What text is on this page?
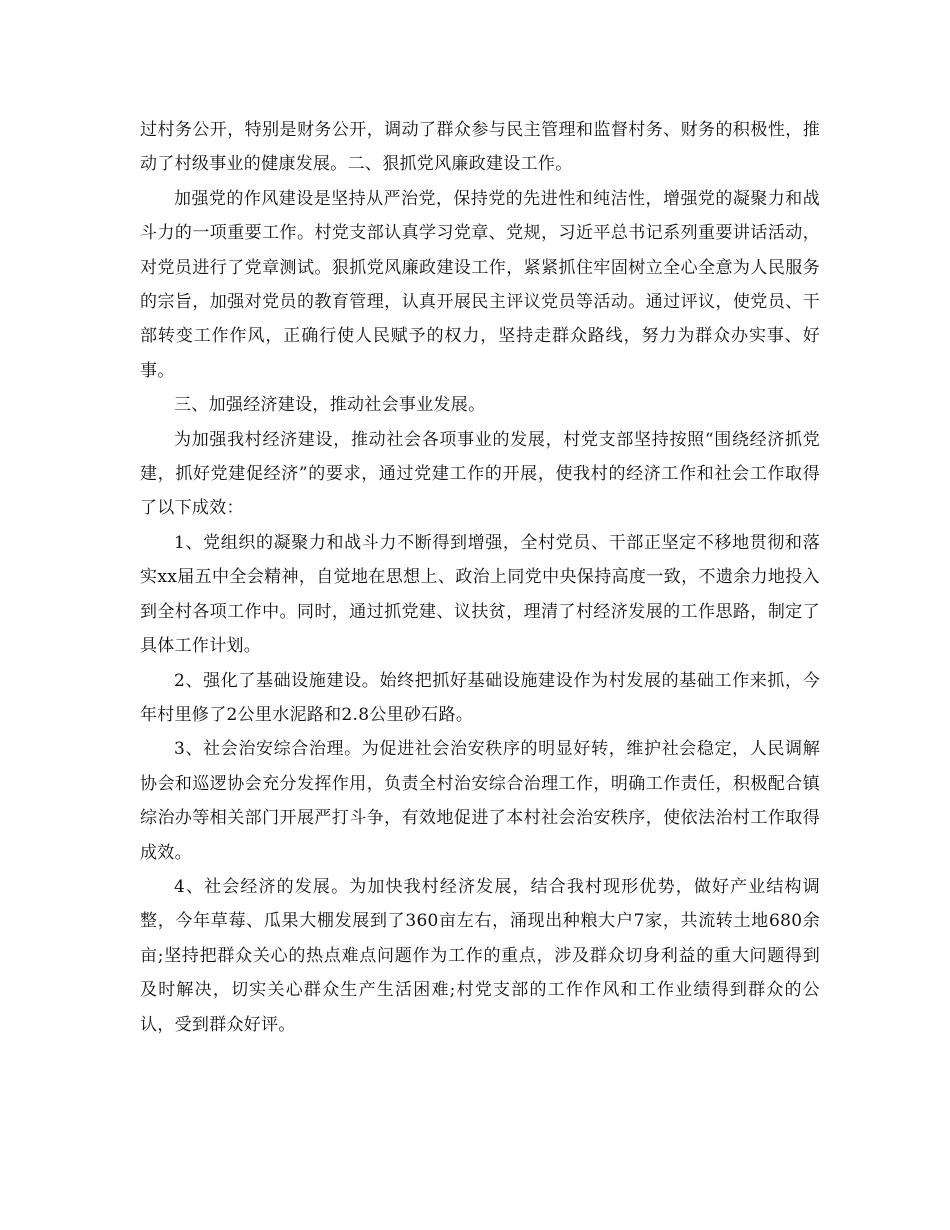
过村务公开，特别是财务公开，调动了群众参与民主管理和监督村务、财务的积极性，推动了村级事业的健康发展。二、狠抓党风廉政建设工作。

加强党的作风建设是坚持从严治党，保持党的先进性和纯洁性，增强党的凝聚力和战斗力的一项重要工作。村党支部认真学习党章、党规，习近平总书记系列重要讲话活动，对党员进行了党章测试。狠抓党风廉政建设工作，紧紧抓住牢固树立全心全意为人民服务的宗旨，加强对党员的教育管理，认真开展民主评议党员等活动。通过评议，使党员、干部转变工作作风，正确行使人民赋予的权力，坚持走群众路线，努力为群众办实事、好事。

三、加强经济建设，推动社会事业发展。

为加强我村经济建设，推动社会各项事业的发展，村党支部坚持按照“围绕经济抓党建，抓好党建促经济”的要求，通过党建工作的开展，使我村的经济工作和社会工作取得了以下成效：

1、党组织的凝聚力和战斗力不断得到增强，全村党员、干部正坚定不移地贯彻和落实xx届五中全会精神，自觉地在思想上、政治上同党中央保持高度一致，不遗余力地投入到全村各项工作中。同时，通过抓党建、议扶贫，理清了村经济发展的工作思路，制定了具体工作计划。

2、强化了基础设施建设。始终把抓好基础设施建设作为村发展的基础工作来抓，今年村里修了2公里水泥路和2.8公里砂石路。

3、社会治安综合治理。为促进社会治安秩序的明显好转，维护社会稳定，人民调解协会和巡逻协会充分发挥作用，负责全村治安综合治理工作，明确工作责任，积极配合镇综治办等相关部门开展严打斗争，有效地促进了本村社会治安秩序，使依法治村工作取得成效。

4、社会经济的发展。为加快我村经济发展，结合我村现形优势，做好产业结构调整，今年草莓、瓜果大棚发展到了360亩左右，涌现出种粮大户7家，共流转土地680余亩;坚持把群众关心的热点难点问题作为工作的重点，涉及群众切身利益的重大问题得到及时解决，切实关心群众生产生活困难;村党支部的工作作风和工作业绩得到群众的公认，受到群众好评。
